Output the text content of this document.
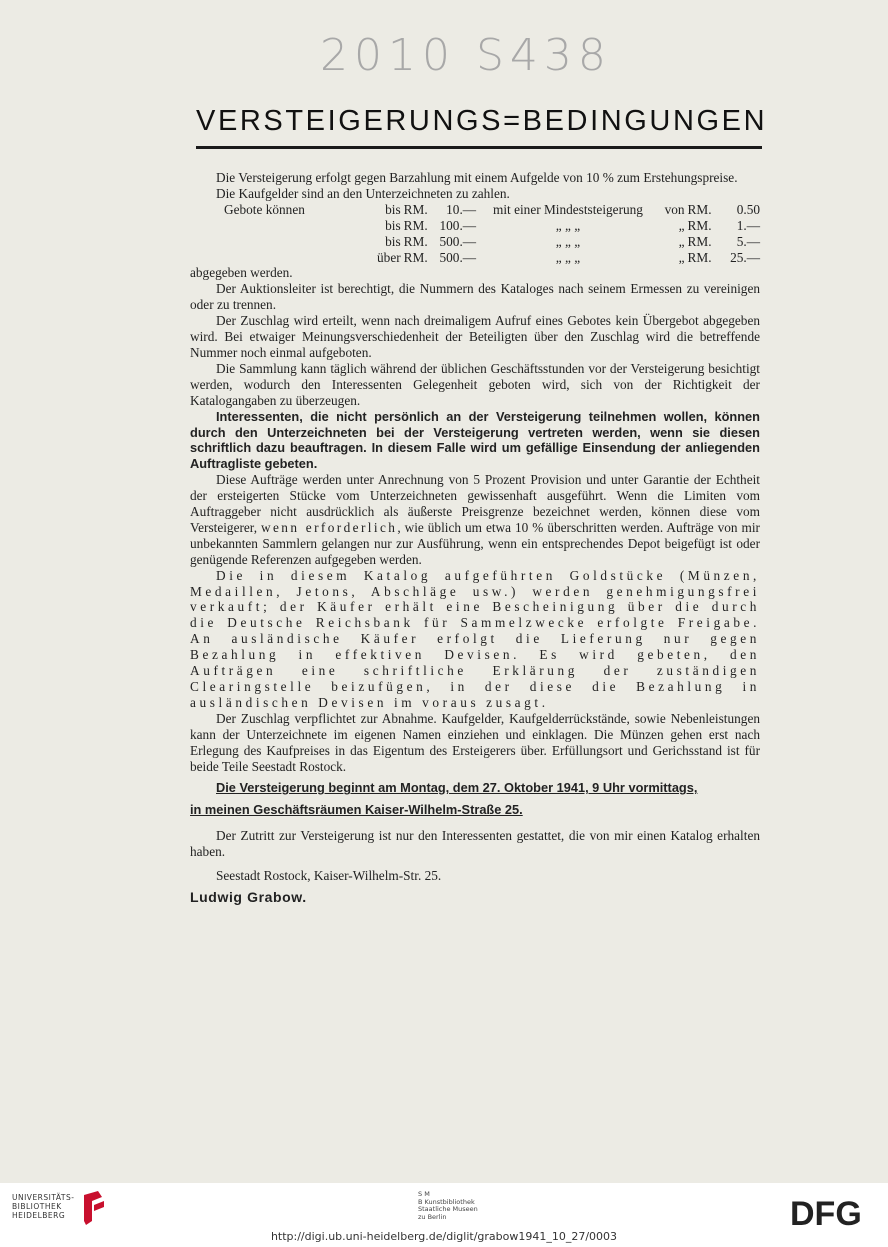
2010 S438
VERSTEIGERUNGS=BEDINGUNGEN

Die Versteigerung erfolgt gegen Barzahlung mit einem Aufgelde von 10 % zum Erstehungspreise.

Die Kaufgelder sind an den Unterzeichneten zu zahlen.

Gebote können	bis	RM.	10.—	mit einer Mindeststeigerung	von	RM.	0.50
	bis	RM.	100.—	„ „ „	„	RM.	1.—
	bis	RM.	500.—	„ „ „	„	RM.	5.—
	über	RM.	500.—	„ „ „	„	RM.	25.—

abgegeben werden.

Der Auktionsleiter ist berechtigt, die Nummern des Kataloges nach seinem Ermessen zu vereinigen oder zu trennen.

Der Zuschlag wird erteilt, wenn nach dreimaligem Aufruf eines Gebotes kein Übergebot abgegeben wird. Bei etwaiger Meinungsverschiedenheit der Beteiligten über den Zuschlag wird die betreffende Nummer noch einmal aufgeboten.

Die Sammlung kann täglich während der üblichen Geschäftsstunden vor der Versteigerung besichtigt werden, wodurch den Interessenten Gelegenheit geboten wird, sich von der Richtigkeit der Katalogangaben zu überzeugen.

Interessenten, die nicht persönlich an der Versteigerung teilnehmen wollen, können durch den Unterzeichneten bei der Versteigerung vertreten werden, wenn sie diesen schriftlich dazu beauftragen. In diesem Falle wird um gefällige Einsendung der anliegenden Auftragliste gebeten.

Diese Aufträge werden unter Anrechnung von 5 Prozent Provision und unter Garantie der Echtheit der ersteigerten Stücke vom Unterzeichneten gewissenhaft ausgeführt. Wenn die Limiten vom Auftraggeber nicht ausdrücklich als äußerste Preisgrenze bezeichnet werden, können diese vom Versteigerer, wenn erforderlich, wie üblich um etwa 10 % überschritten werden. Aufträge von mir unbekannten Sammlern gelangen nur zur Ausführung, wenn ein entsprechendes Depot beigefügt ist oder genügende Referenzen aufgegeben werden.

Die in diesem Katalog aufgeführten Goldstücke (Münzen, Medaillen, Jetons, Abschläge usw.) werden genehmigungsfrei verkauft; der Käufer erhält eine Bescheinigung über die durch die Deutsche Reichsbank für Sammelzwecke erfolgte Freigabe. An ausländische Käufer erfolgt die Lieferung nur gegen Bezahlung in effektiven Devisen. Es wird gebeten, den Aufträgen eine schriftliche Erklärung der zuständigen Clearingstelle beizufügen, in der diese die Bezahlung in ausländischen Devisen im voraus zusagt.

Der Zuschlag verpflichtet zur Abnahme. Kaufgelder, Kaufgelderrückstände, sowie Nebenleistungen kann der Unterzeichnete im eigenen Namen einziehen und einklagen. Die Münzen gehen erst nach Erlegung des Kaufpreises in das Eigentum des Ersteigerers über. Erfüllungsort und Gerichsstand ist für beide Teile Seestadt Rostock.

Die Versteigerung beginnt am Montag, dem 27. Oktober 1941, 9 Uhr vormittags,

in meinen Geschäftsräumen Kaiser-Wilhelm-Straße 25.

Der Zutritt zur Versteigerung ist nur den Interessenten gestattet, die von mir einen Katalog erhalten haben.

Seestadt Rostock, Kaiser-Wilhelm-Str. 25.

Ludwig Grabow.

UNIVERSITÄTS-
BIBLIOTHEK
HEIDELBERG
S M
B Kunstbibliothek
Staatliche Museen
zu Berlin	DFG
http://digi.ub.uni-heidelberg.de/diglit/grabow1941_10_27/0003
